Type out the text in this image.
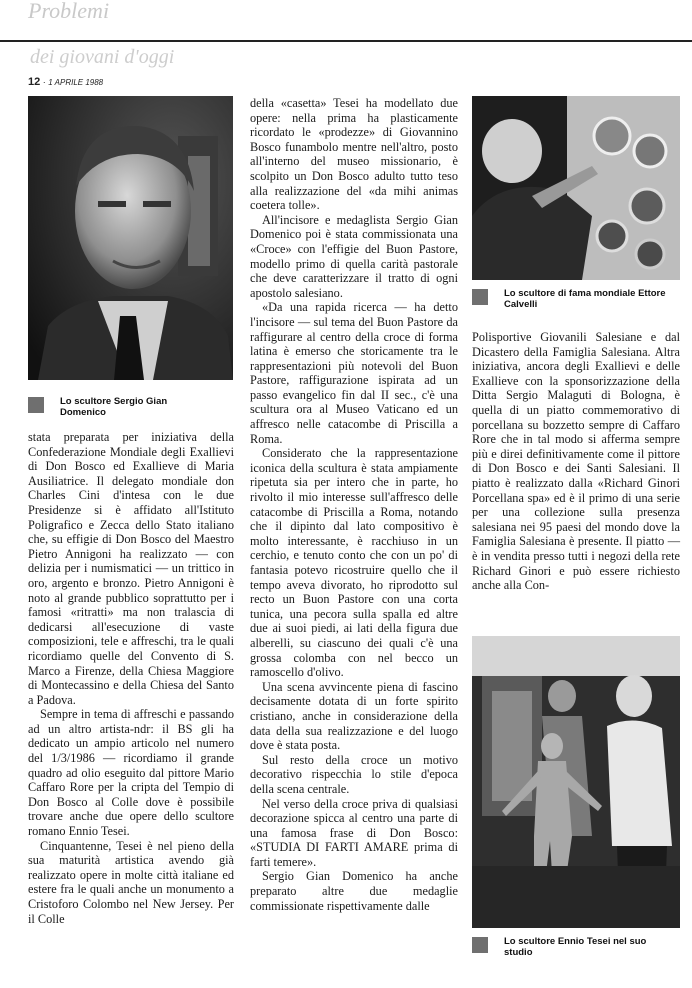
Problemi
dei giovani d'oggi
12 · 1 APRILE 1988
Lo scultore Sergio Gian Domenico

stata preparata per iniziativa della Confederazione Mondiale degli Exallievi di Don Bosco ed Exallieve di Maria Ausiliatrice. Il delegato mondiale don Charles Cini d'intesa con le due Presidenze si è affidato all'Istituto Poligrafico e Zecca dello Stato italiano che, su effigie di Don Bosco del Maestro Pietro Annigoni ha realizzato — con delizia per i numismatici — un trittico in oro, argento e bronzo. Pietro Annigoni è noto al grande pubblico soprattutto per i famosi «ritratti» ma non tralascia di dedicarsi all'esecuzione di vaste composizioni, tele e affreschi, tra le quali ricordiamo quelle del Convento di S. Marco a Firenze, della Chiesa Maggiore di Montecassino e della Chiesa del Santo a Padova.

Sempre in tema di affreschi e passando ad un altro artista-ndr: il BS gli ha dedicato un ampio articolo nel numero del 1/3/1986 — ricordiamo il grande quadro ad olio eseguito dal pittore Mario Caffaro Rore per la cripta del Tempio di Don Bosco al Colle dove è possibile trovare anche due opere dello scultore romano Ennio Tesei.

Cinquantenne, Tesei è nel pieno della sua maturità artistica avendo già realizzato opere in molte città italiane ed estere fra le quali anche un monumento a Cristoforo Colombo nel New Jersey. Per il Colle

della «casetta» Tesei ha modellato due opere: nella prima ha plasticamente ricordato le «prodezze» di Giovannino Bosco funambolo mentre nell'altro, posto all'interno del museo missionario, è scolpito un Don Bosco adulto tutto teso alla realizzazione del «da mihi animas coetera tolle».

All'incisore e medaglista Sergio Gian Domenico poi è stata commissionata una «Croce» con l'effigie del Buon Pastore, modello primo di quella carità pastorale che deve caratterizzare il tratto di ogni apostolo salesiano.

«Da una rapida ricerca — ha detto l'incisore — sul tema del Buon Pastore da raffigurare al centro della croce di forma latina è emerso che storicamente tra le rappresentazioni più notevoli del Buon Pastore, raffigurazione ispirata ad un passo evangelico fin dal II sec., c'è una scultura ora al Museo Vaticano ed un affresco nelle catacombe di Priscilla a Roma.

Considerato che la rappresentazione iconica della scultura è stata ampiamente ripetuta sia per intero che in parte, ho rivolto il mio interesse sull'affresco delle catacombe di Priscilla a Roma, notando che il dipinto dal lato compositivo è molto interessante, è racchiuso in un cerchio, e tenuto conto che con un po' di fantasia potevo ricostruire quello che il tempo aveva divorato, ho riprodotto sul recto un Buon Pastore con una corta tunica, una pecora sulla spalla ed altre due ai suoi piedi, ai lati della figura due alberelli, su ciascuno dei quali c'è una grossa colomba con nel becco un ramoscello d'olivo.

Una scena avvincente piena di fascino decisamente dotata di un forte spirito cristiano, anche in considerazione della data della sua realizzazione e del luogo dove è stata posta.

Sul resto della croce un motivo decorativo rispecchia lo stile d'epoca della scena centrale.

Nel verso della croce priva di qualsiasi decorazione spicca al centro una parte di una famosa frase di Don Bosco: «STUDIA DI FARTI AMARE prima di farti temere».

Sergio Gian Domenico ha anche preparato altre due medaglie commissionate rispettivamente dalle

Lo scultore di fama mondiale Ettore Calvelli

Polisportive Giovanili Salesiane e dal Dicastero della Famiglia Salesiana. Altra iniziativa, ancora degli Exallievi e delle Exallieve con la sponsorizzazione della Ditta Sergio Malaguti di Bologna, è quella di un piatto commemorativo di porcellana su bozzetto sempre di Caffaro Rore che in tal modo si afferma sempre più e direi definitivamente come il pittore di Don Bosco e dei Santi Salesiani. Il piatto è realizzato dalla «Richard Ginori Porcellana spa» ed è il primo di una serie per una collezione sulla presenza salesiana nei 95 paesi del mondo dove la Famiglia Salesiana è presente. Il piatto — è in vendita presso tutti i negozi della rete Richard Ginori e può essere richiesto anche alla Con-

Lo scultore Ennio Tesei nel suo studio
